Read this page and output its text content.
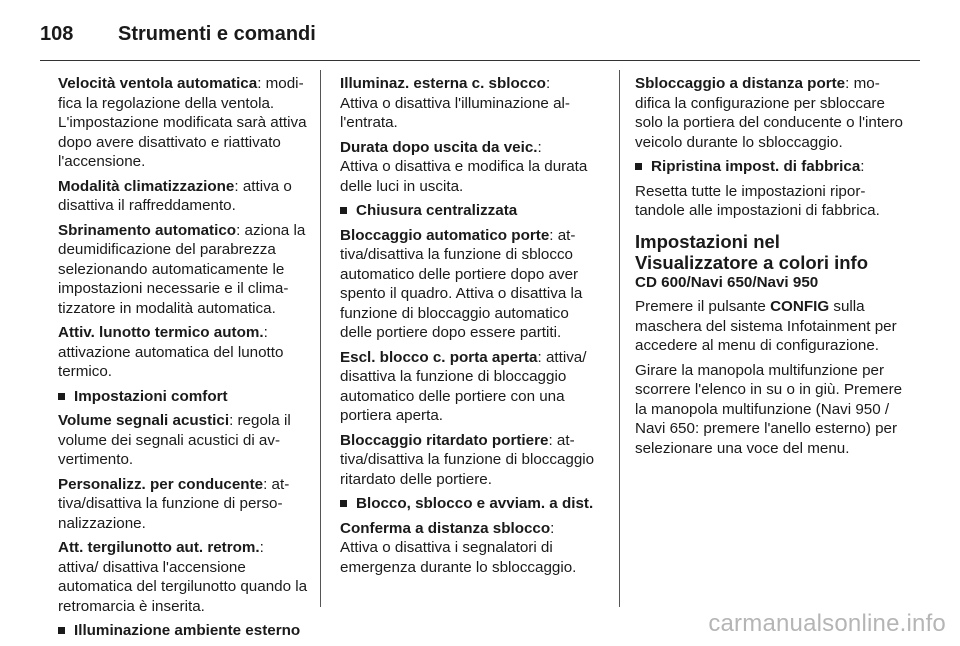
108	Strumenti e comandi

Velocità ventola automatica: modifica la regolazione della ventola. L'impostazione modificata sarà attiva dopo avere disattivato e riattivato l'accensione.

Modalità climatizzazione: attiva o disattiva il raffreddamento.

Sbrinamento automatico: aziona la deumidificazione del parabrezza selezionando automaticamente le impostazioni necessarie e il climatizzatore in modalità automatica.

Attiv. lunotto termico autom.: attivazione automatica del lunotto termico.

Impostazioni comfort

Volume segnali acustici: regola il volume dei segnali acustici di avvertimento.

Personalizz. per conducente: attiva/disattiva la funzione di personalizzazione.

Att. tergilunotto aut. retrom.: attiva/ disattiva l'accensione automatica del tergilunotto quando la retromarcia è inserita.

Illuminazione ambiente esterno

Illuminaz. esterna c. sblocco:

Attiva o disattiva l'illuminazione all'entrata.

Durata dopo uscita da veic.:

Attiva o disattiva e modifica la durata delle luci in uscita.

Chiusura centralizzata

Bloccaggio automatico porte: attiva/disattiva la funzione di sblocco automatico delle portiere dopo aver spento il quadro. Attiva o disattiva la funzione di bloccaggio automatico delle portiere dopo essere partiti.

Escl. blocco c. porta aperta: attiva/ disattiva la funzione di bloccaggio automatico delle portiere con una portiera aperta.

Bloccaggio ritardato portiere: attiva/disattiva la funzione di bloccaggio ritardato delle portiere.

Blocco, sblocco e avviam. a dist.

Conferma a distanza sblocco:

Attiva o disattiva i segnalatori di emergenza durante lo sbloccaggio.

Sbloccaggio a distanza porte: modifica la configurazione per sbloccare solo la portiera del conducente o l'intero veicolo durante lo sbloccaggio.

Ripristina impost. di fabbrica:

Resetta tutte le impostazioni riportandole alle impostazioni di fabbrica.

Impostazioni nel Visualizzatore a colori info
CD 600/Navi 650/Navi 950

Premere il pulsante CONFIG sulla maschera del sistema Infotainment per accedere al menu di configurazione.

Girare la manopola multifunzione per scorrere l'elenco in su o in giù. Premere la manopola multifunzione (Navi 950 / Navi 650: premere l'anello esterno) per selezionare una voce del menu.

carmanualsonline.info
